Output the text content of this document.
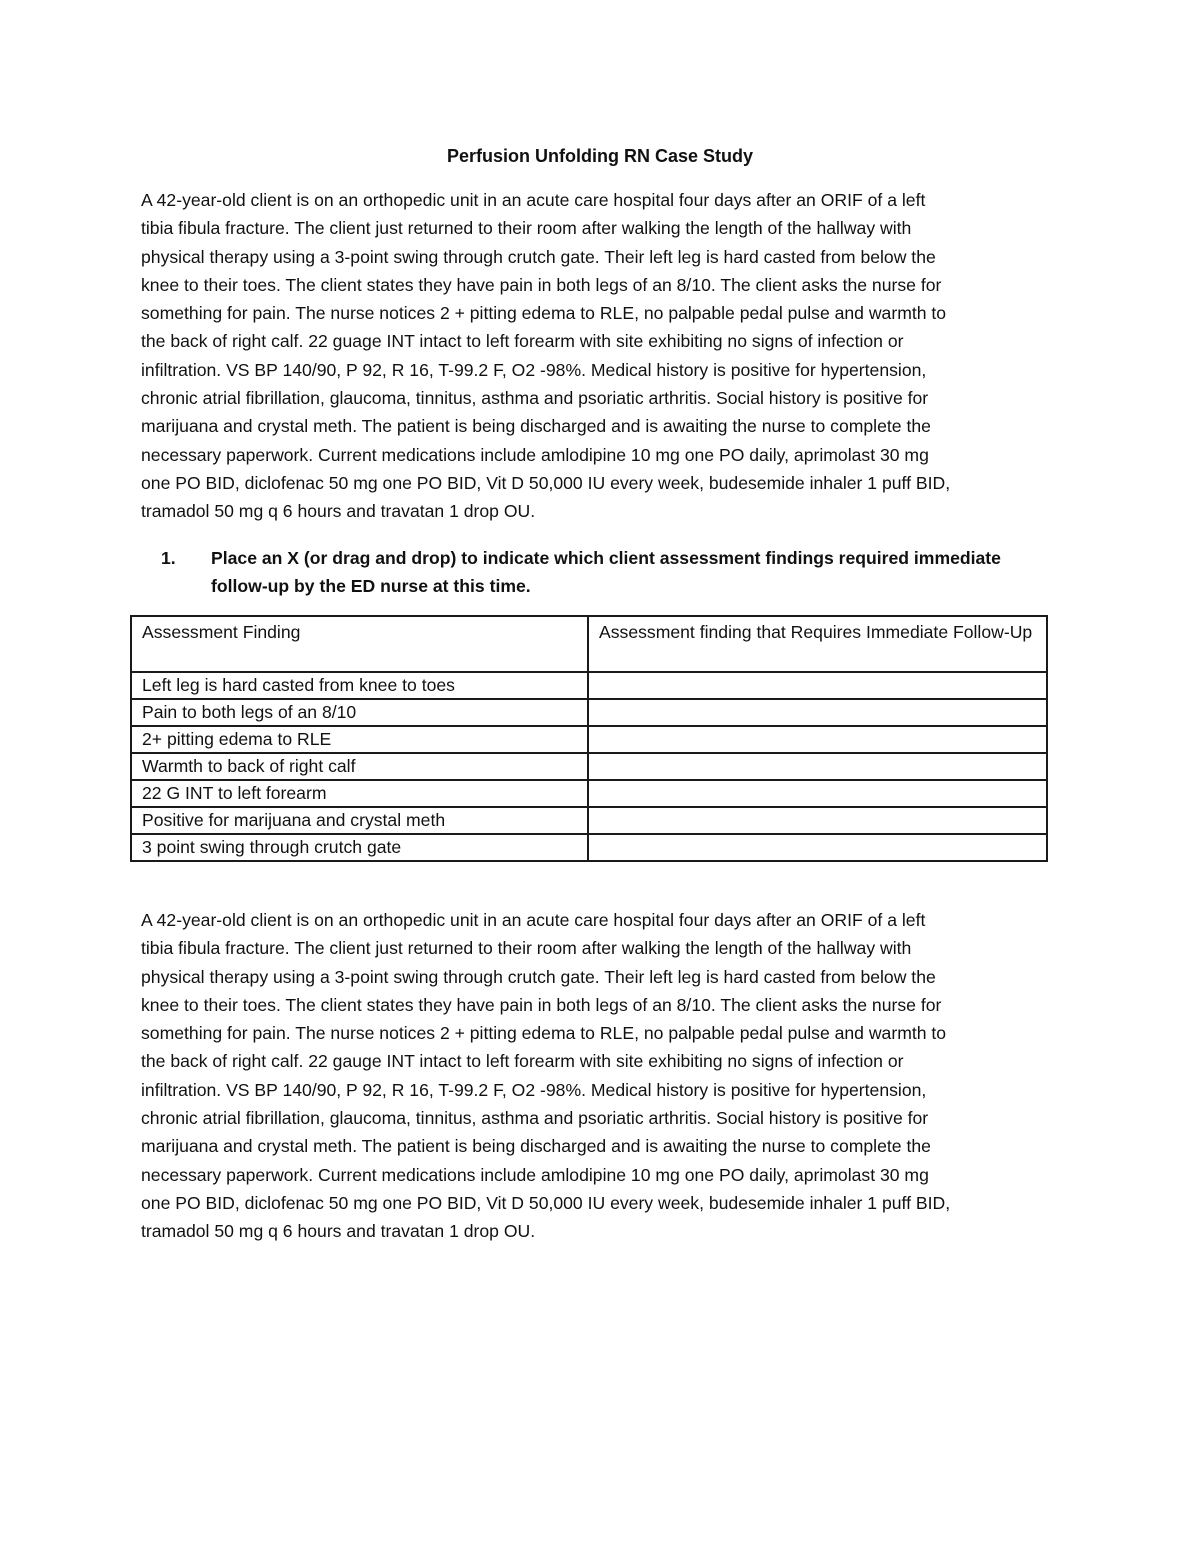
Perfusion Unfolding RN Case Study
A 42-year-old client is on an orthopedic unit in an acute care hospital four days after an ORIF of a left
tibia fibula fracture. The client just returned to their room after walking the length of the hallway with
physical therapy using a 3-point swing through crutch gate. Their left leg is hard casted from below the
knee to their toes. The client states they have pain in both legs of an 8/10. The client asks the nurse for
something for pain. The nurse notices 2 + pitting edema to RLE, no palpable pedal pulse and warmth to
the back of right calf. 22 guage INT intact to left forearm with site exhibiting no signs of infection or
infiltration. VS BP 140/90, P 92, R 16, T-99.2 F, O2 -98%. Medical history is positive for hypertension,
chronic atrial fibrillation, glaucoma, tinnitus, asthma and psoriatic arthritis. Social history is positive for
marijuana and crystal meth. The patient is being discharged and is awaiting the nurse to complete the
necessary paperwork. Current medications include amlodipine 10 mg one PO daily, aprimolast 30 mg
one PO BID, diclofenac 50 mg one PO BID, Vit D 50,000 IU every week, budesemide inhaler 1 puff BID,
tramadol 50 mg q 6 hours and travatan 1 drop OU.
1. Place an X (or drag and drop) to indicate which client assessment findings required immediate
follow-up by the ED nurse at this time.
Assessment Finding	Assessment finding that Requires Immediate Follow-Up
Left leg is hard casted from knee to toes	
Pain to both legs of an 8/10	
2+ pitting edema to RLE	
Warmth to back of right calf	
22 G INT to left forearm	
Positive for marijuana and crystal meth	
3 point swing through crutch gate	
A 42-year-old client is on an orthopedic unit in an acute care hospital four days after an ORIF of a left
tibia fibula fracture. The client just returned to their room after walking the length of the hallway with
physical therapy using a 3-point swing through crutch gate. Their left leg is hard casted from below the
knee to their toes. The client states they have pain in both legs of an 8/10. The client asks the nurse for
something for pain. The nurse notices 2 + pitting edema to RLE, no palpable pedal pulse and warmth to
the back of right calf. 22 gauge INT intact to left forearm with site exhibiting no signs of infection or
infiltration. VS BP 140/90, P 92, R 16, T-99.2 F, O2 -98%. Medical history is positive for hypertension,
chronic atrial fibrillation, glaucoma, tinnitus, asthma and psoriatic arthritis. Social history is positive for
marijuana and crystal meth. The patient is being discharged and is awaiting the nurse to complete the
necessary paperwork. Current medications include amlodipine 10 mg one PO daily, aprimolast 30 mg
one PO BID, diclofenac 50 mg one PO BID, Vit D 50,000 IU every week, budesemide inhaler 1 puff BID,
tramadol 50 mg q 6 hours and travatan 1 drop OU.
